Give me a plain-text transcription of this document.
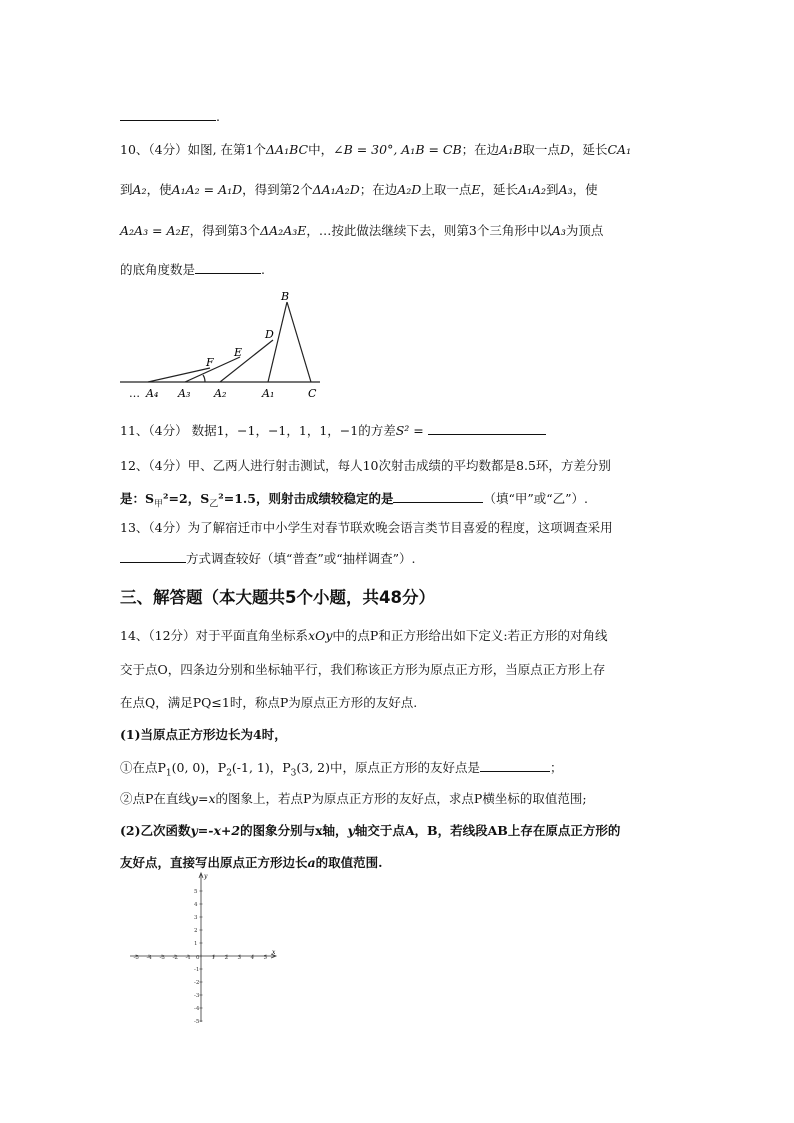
.
10、（4分）如图, 在第1个ΔA₁BC中，∠B = 30°, A₁B = CB；在边A₁B取一点D，延长CA₁
到A₂，使A₁A₂ = A₁D，得到第2个ΔA₁A₂D；在边A₂D上取一点E，延长A₁A₂到A₃，使
A₂A₃ = A₂E，得到第3个ΔA₂A₃E，…按此做法继续下去，则第3个三角形中以A₃为顶点
的底角度数是	.
B
D
E
F
C
A₁
A₂
A₃
A₄
…
11、（4分） 数据1，−1，−1，1，1，−1的方差S² =
12、（4分）甲、乙两人进行射击测试，每人10次射击成绩的平均数都是8.5环，方差分别
是：$S_甲^2=2$，$S_乙^2=1.5$，则射击成绩较稳定的是	（填“甲”或“乙”）.
13、（4分）为了解宿迁市中小学生对春节联欢晚会语言类节目喜爱的程度，这项调查采用
方式调查较好（填“普查”或“抽样调查”）.
三、解答题（本大题共5个小题，共48分）
14、（12分）对于平面直角坐标系xOy中的点P和正方形给出如下定义:若正方形的对角线
交于点O，四条边分别和坐标轴平行，我们称该正方形为原点正方形，当原点正方形上存
在点Q，满足PQ≤1时，称点P为原点正方形的友好点.
(1)当原点正方形边长为4时，
①在点$P_1(0$, 0)，$P_2(-1$, 1)，$P_3(3$, 2)中，原点正方形的友好点是	；
②点P在直线y=x的图象上，若点P为原点正方形的友好点，求点P横坐标的取值范围;
(2)乙次函数y=-x+2的图象分别与x轴，y轴交于点A，B，若线段AB上存在原点正方形的
友好点，直接写出原点正方形边长a的取值范围.
x
y
-5 -4 -3 -2 -1 0 1 2 3 4 5
5
4
3
2
1
-1
-2
-3
-4
-5
